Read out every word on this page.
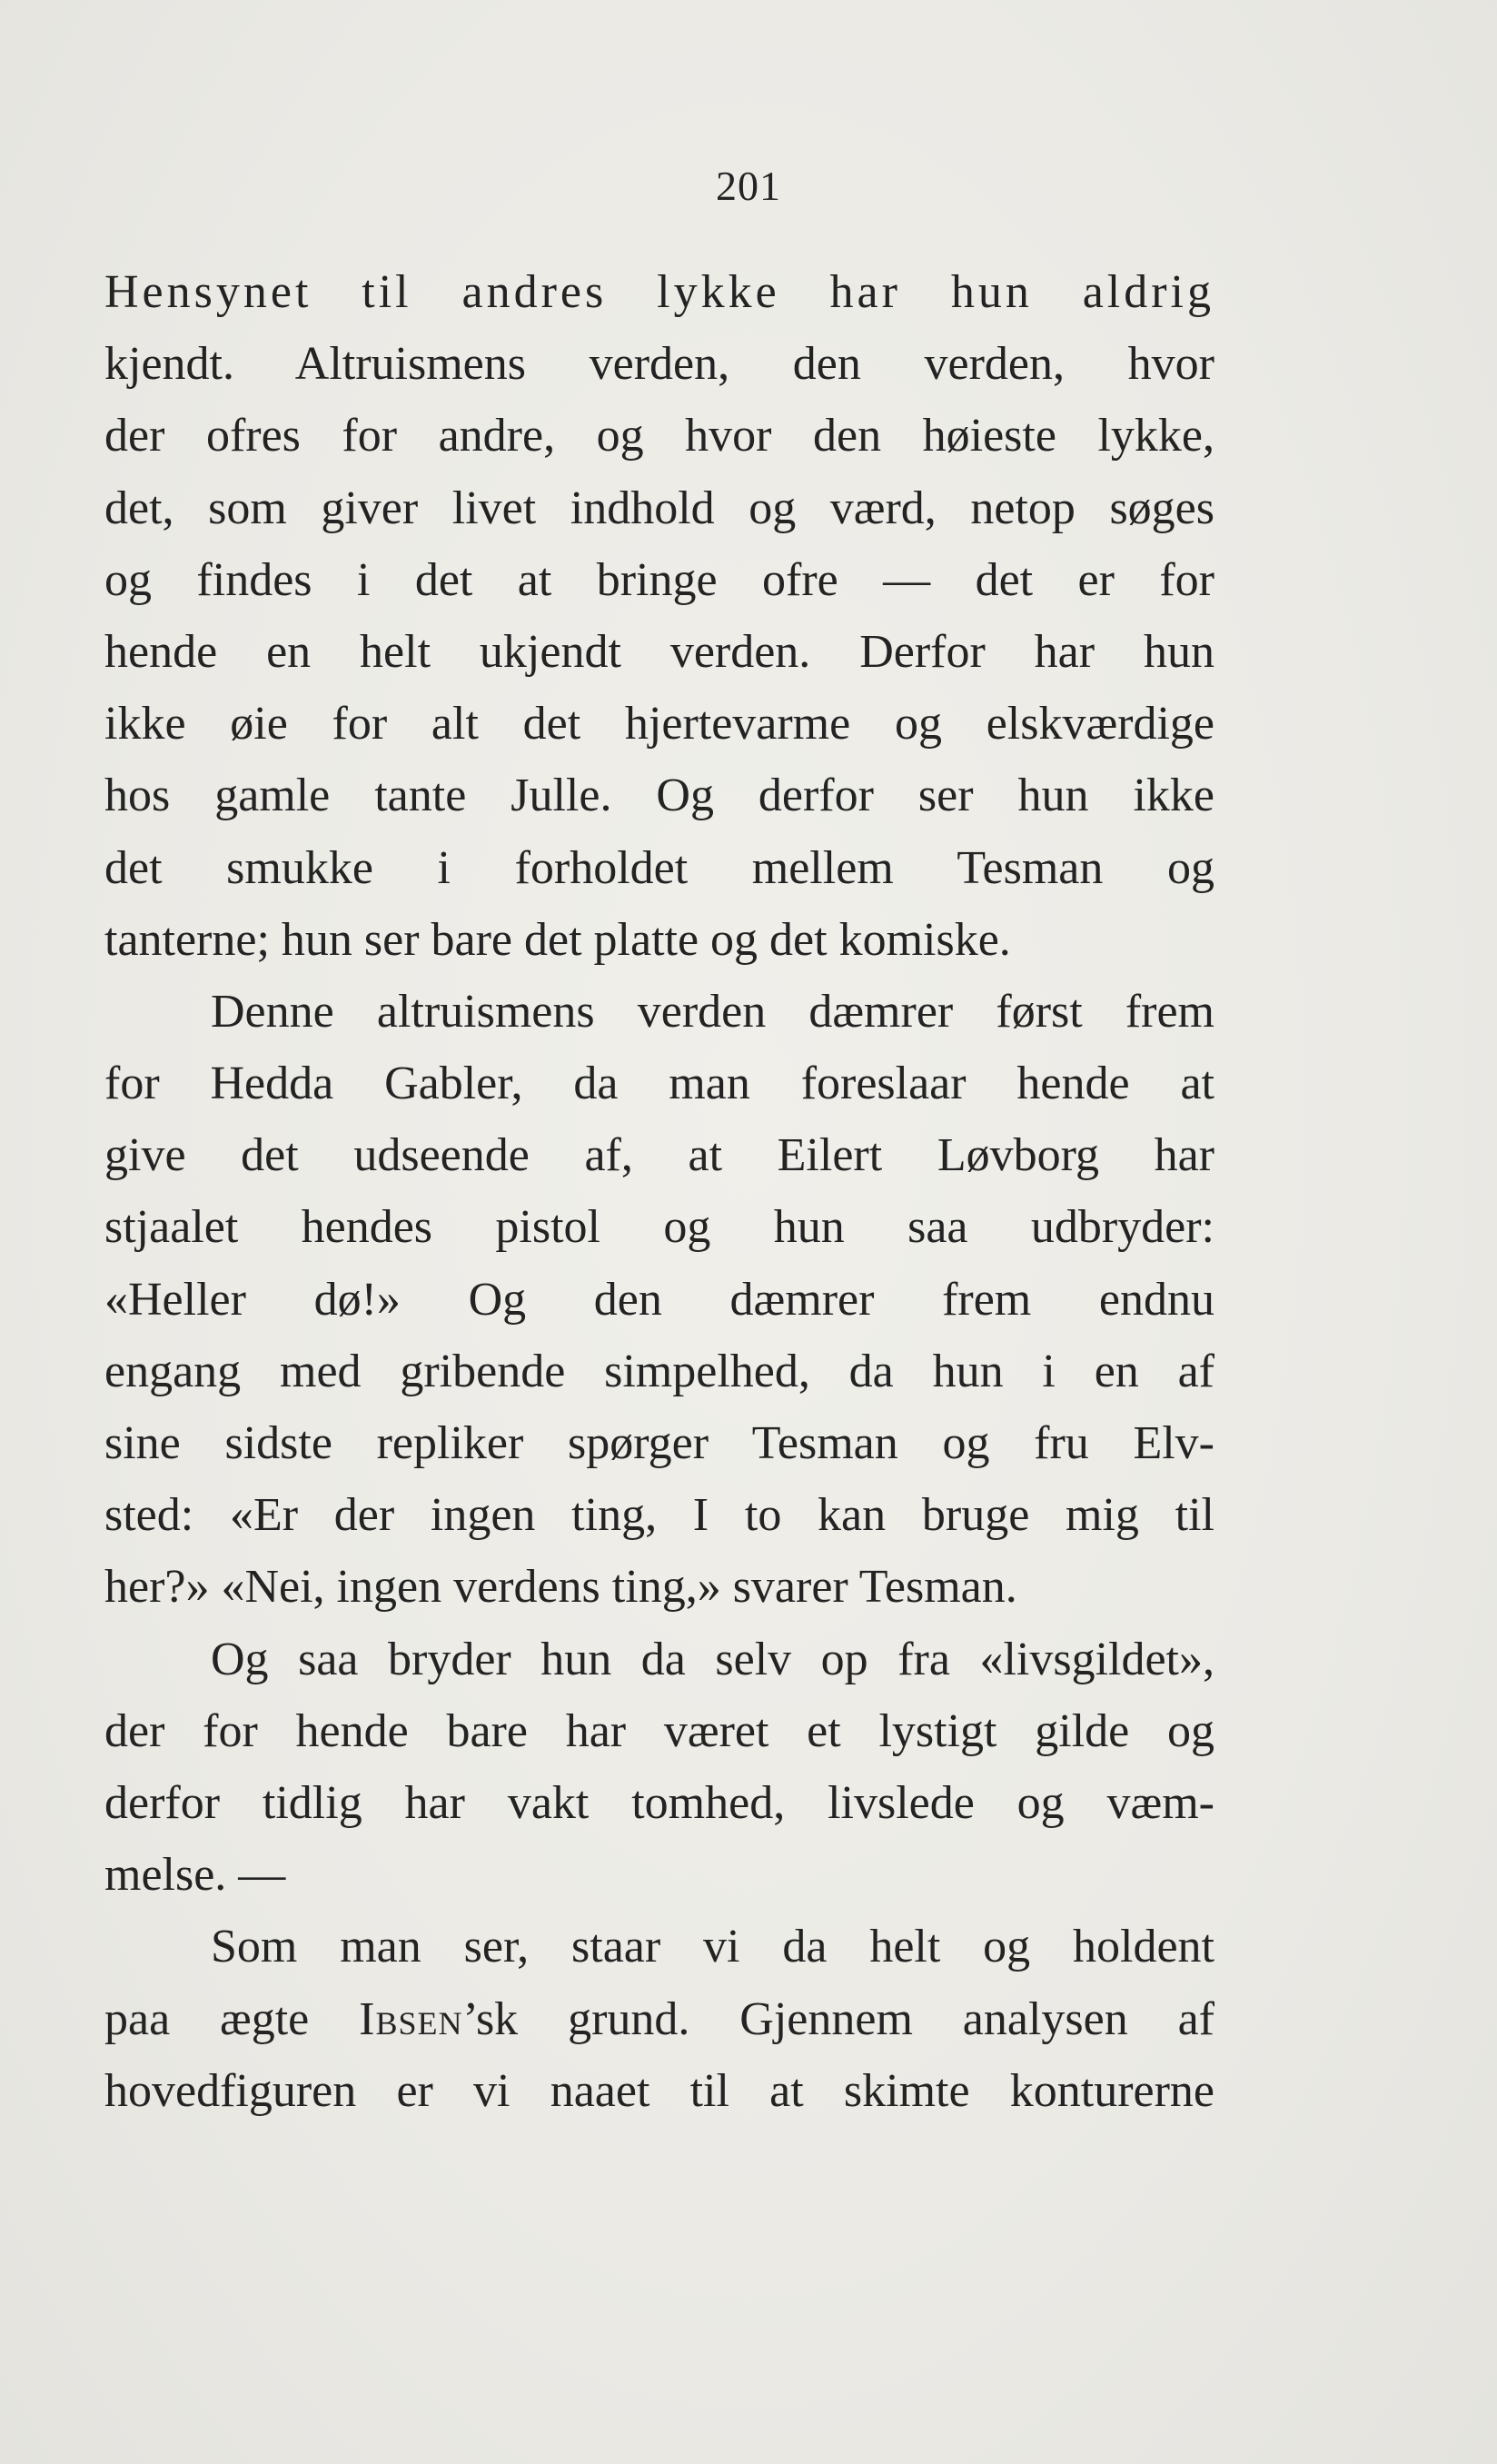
201
Hensynet til andres lykke har hun aldrig
kjendt. Altruismens verden, den verden, hvor
der ofres for andre, og hvor den høieste lykke,
det, som giver livet indhold og værd, netop søges
og findes i det at bringe ofre — det er for
hende en helt ukjendt verden. Derfor har hun
ikke øie for alt det hjertevarme og elskværdige
hos gamle tante Julle. Og derfor ser hun ikke
det smukke i forholdet mellem Tesman og
tanterne; hun ser bare det platte og det komiske.
Denne altruismens verden dæmrer først frem
for Hedda Gabler, da man foreslaar hende at
give det udseende af, at Eilert Løvborg har
stjaalet hendes pistol og hun saa udbryder:
«Heller dø!» Og den dæmrer frem endnu
engang med gribende simpelhed, da hun i en af
sine sidste repliker spørger Tesman og fru Elv-
sted: «Er der ingen ting, I to kan bruge mig til
her?» «Nei, ingen verdens ting,» svarer Tesman.
Og saa bryder hun da selv op fra «livsgildet»,
der for hende bare har været et lystigt gilde og
derfor tidlig har vakt tomhed, livslede og væm-
melse. —
Som man ser, staar vi da helt og holdent
paa ægte Ibsen’sk grund. Gjennem analysen af
hovedfiguren er vi naaet til at skimte konturerne
